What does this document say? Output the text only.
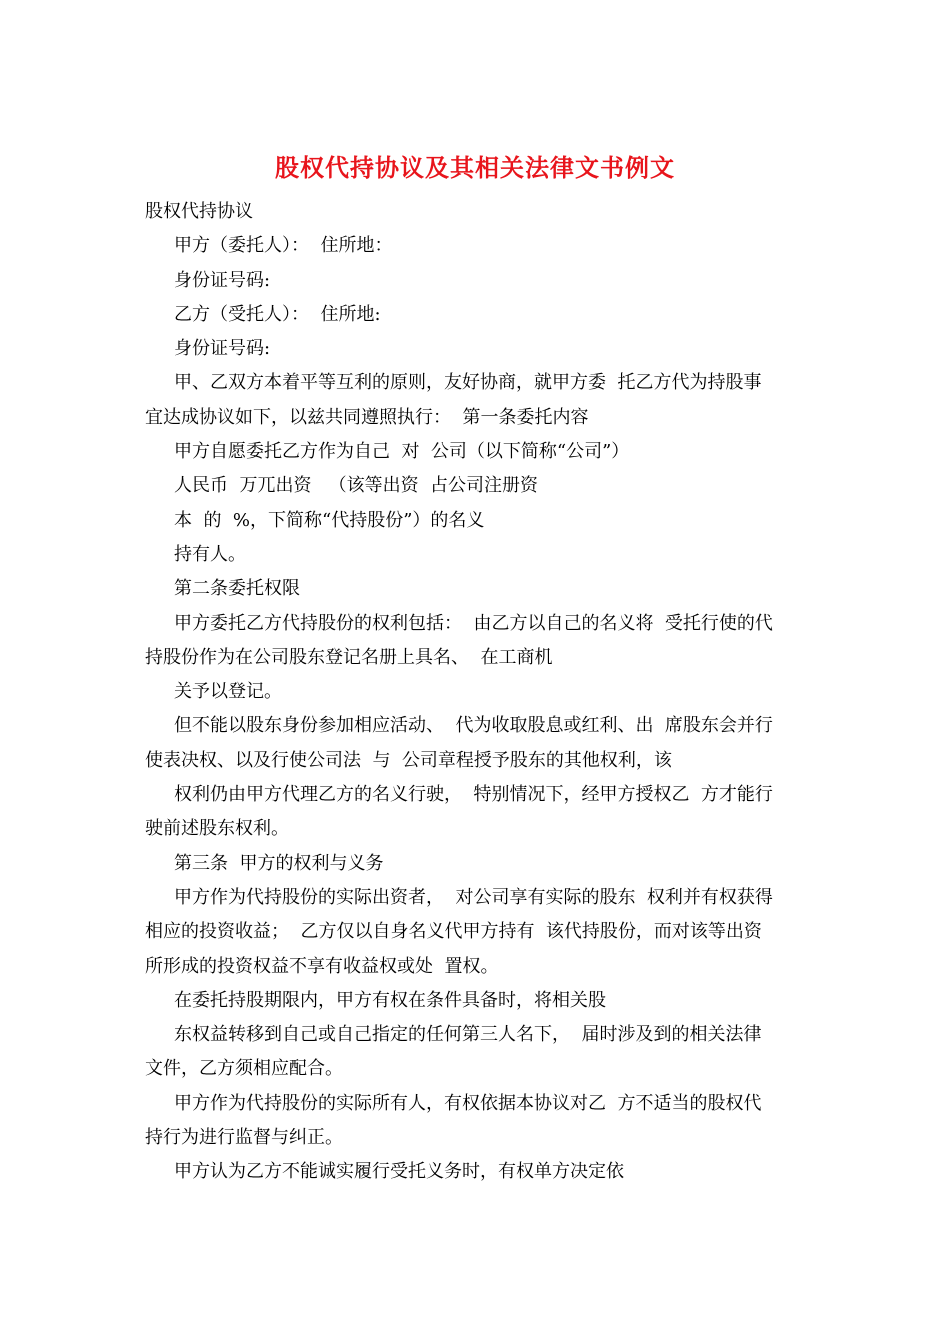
股权代持协议及其相关法律文书例文
股权代持协议
甲方（委托人）：  住所地：
身份证号码:
乙方（受托人）：  住所地:
身份证号码:
甲、乙双方本着平等互利的原则，友好协商，就甲方委  托乙方代为持股事
宜达成协议如下，以兹共同遵照执行：  第一条委托内容
甲方自愿委托乙方作为自己  对  公司（以下简称“公司”）
人民币  万兀出资   （该等出资  占公司注册资
本  的  %，下简称“代持股份”）的名义
持有人。
第二条委托权限
甲方委托乙方代持股份的权利包括：  由乙方以自己的名义将  受托行使的代
持股份作为在公司股东登记名册上具名、  在工商机
关予以登记。
但不能以股东身份参加相应活动、  代为收取股息或红利、出  席股东会并行
使表决权、以及行使公司法  与  公司章程授予股东的其他权利，该
权利仍由甲方代理乙方的名义行驶，  特别情况下，经甲方授权乙  方才能行
驶前述股东权利。
第三条  甲方的权利与义务
甲方作为代持股份的实际出资者，  对公司享有实际的股东  权利并有权获得
相应的投资收益；  乙方仅以自身名义代甲方持有  该代持股份，而对该等出资
所形成的投资权益不享有收益权或处  置权。
在委托持股期限内，甲方有权在条件具备时，将相关股
东权益转移到自己或自己指定的任何第三人名下，  届时涉及到的相关法律
文件，乙方须相应配合。
甲方作为代持股份的实际所有人，有权依据本协议对乙  方不适当的股权代
持行为进行监督与纠正。
甲方认为乙方不能诚实履行受托义务时，有权单方决定依
